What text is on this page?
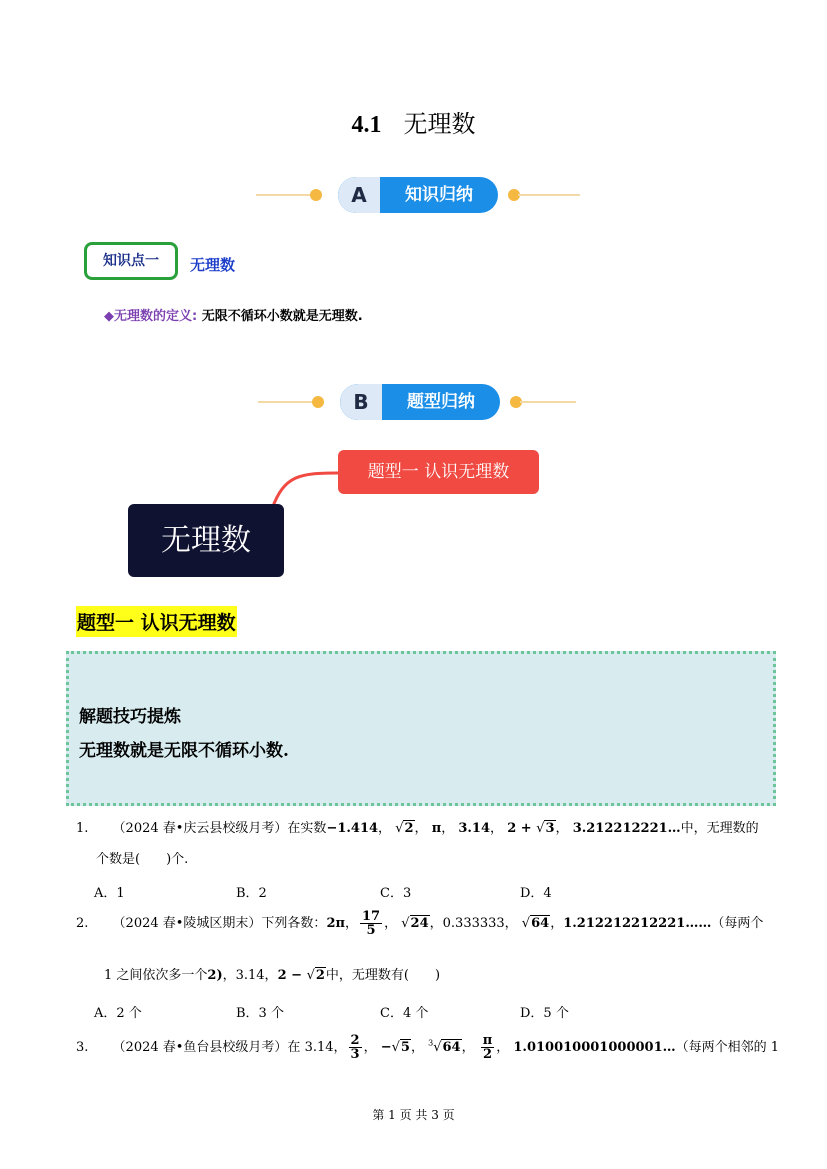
4.1 无理数
A	知识归纳
知识点一	无理数
◆无理数的定义: 无限不循环小数就是无理数.
B	题型归纳
无理数
题型一 认识无理数
题型一 认识无理数
解题技巧提炼
无理数就是无限不循环小数.
1. （2024 春•庆云县校级月考）在实数−1.414， √2， π， 3.14， 2 + √3， 3.212212221…中，无理数的
个数是(　　)个.
A．1	B．2	C．3	D．4
2. （2024 春•陵城区期末）下列各数：2π， $\frac{17}{5}$ ， √24，0.333333， √64，1.212212212221……（每两个
1 之间依次多一个2)，3.14，2 − √2中，无理数有(　　)
A．2 个	B．3 个	C．4 个	D．5 个
3. （2024 春•鱼台县校级月考）在 3.14， $\frac{2}{3}$ ， −√5， $^3$√64， $\frac{\pi}{2}$ ， 1.010010001000001…（每两个相邻的 1
第 1 页 共 3 页
